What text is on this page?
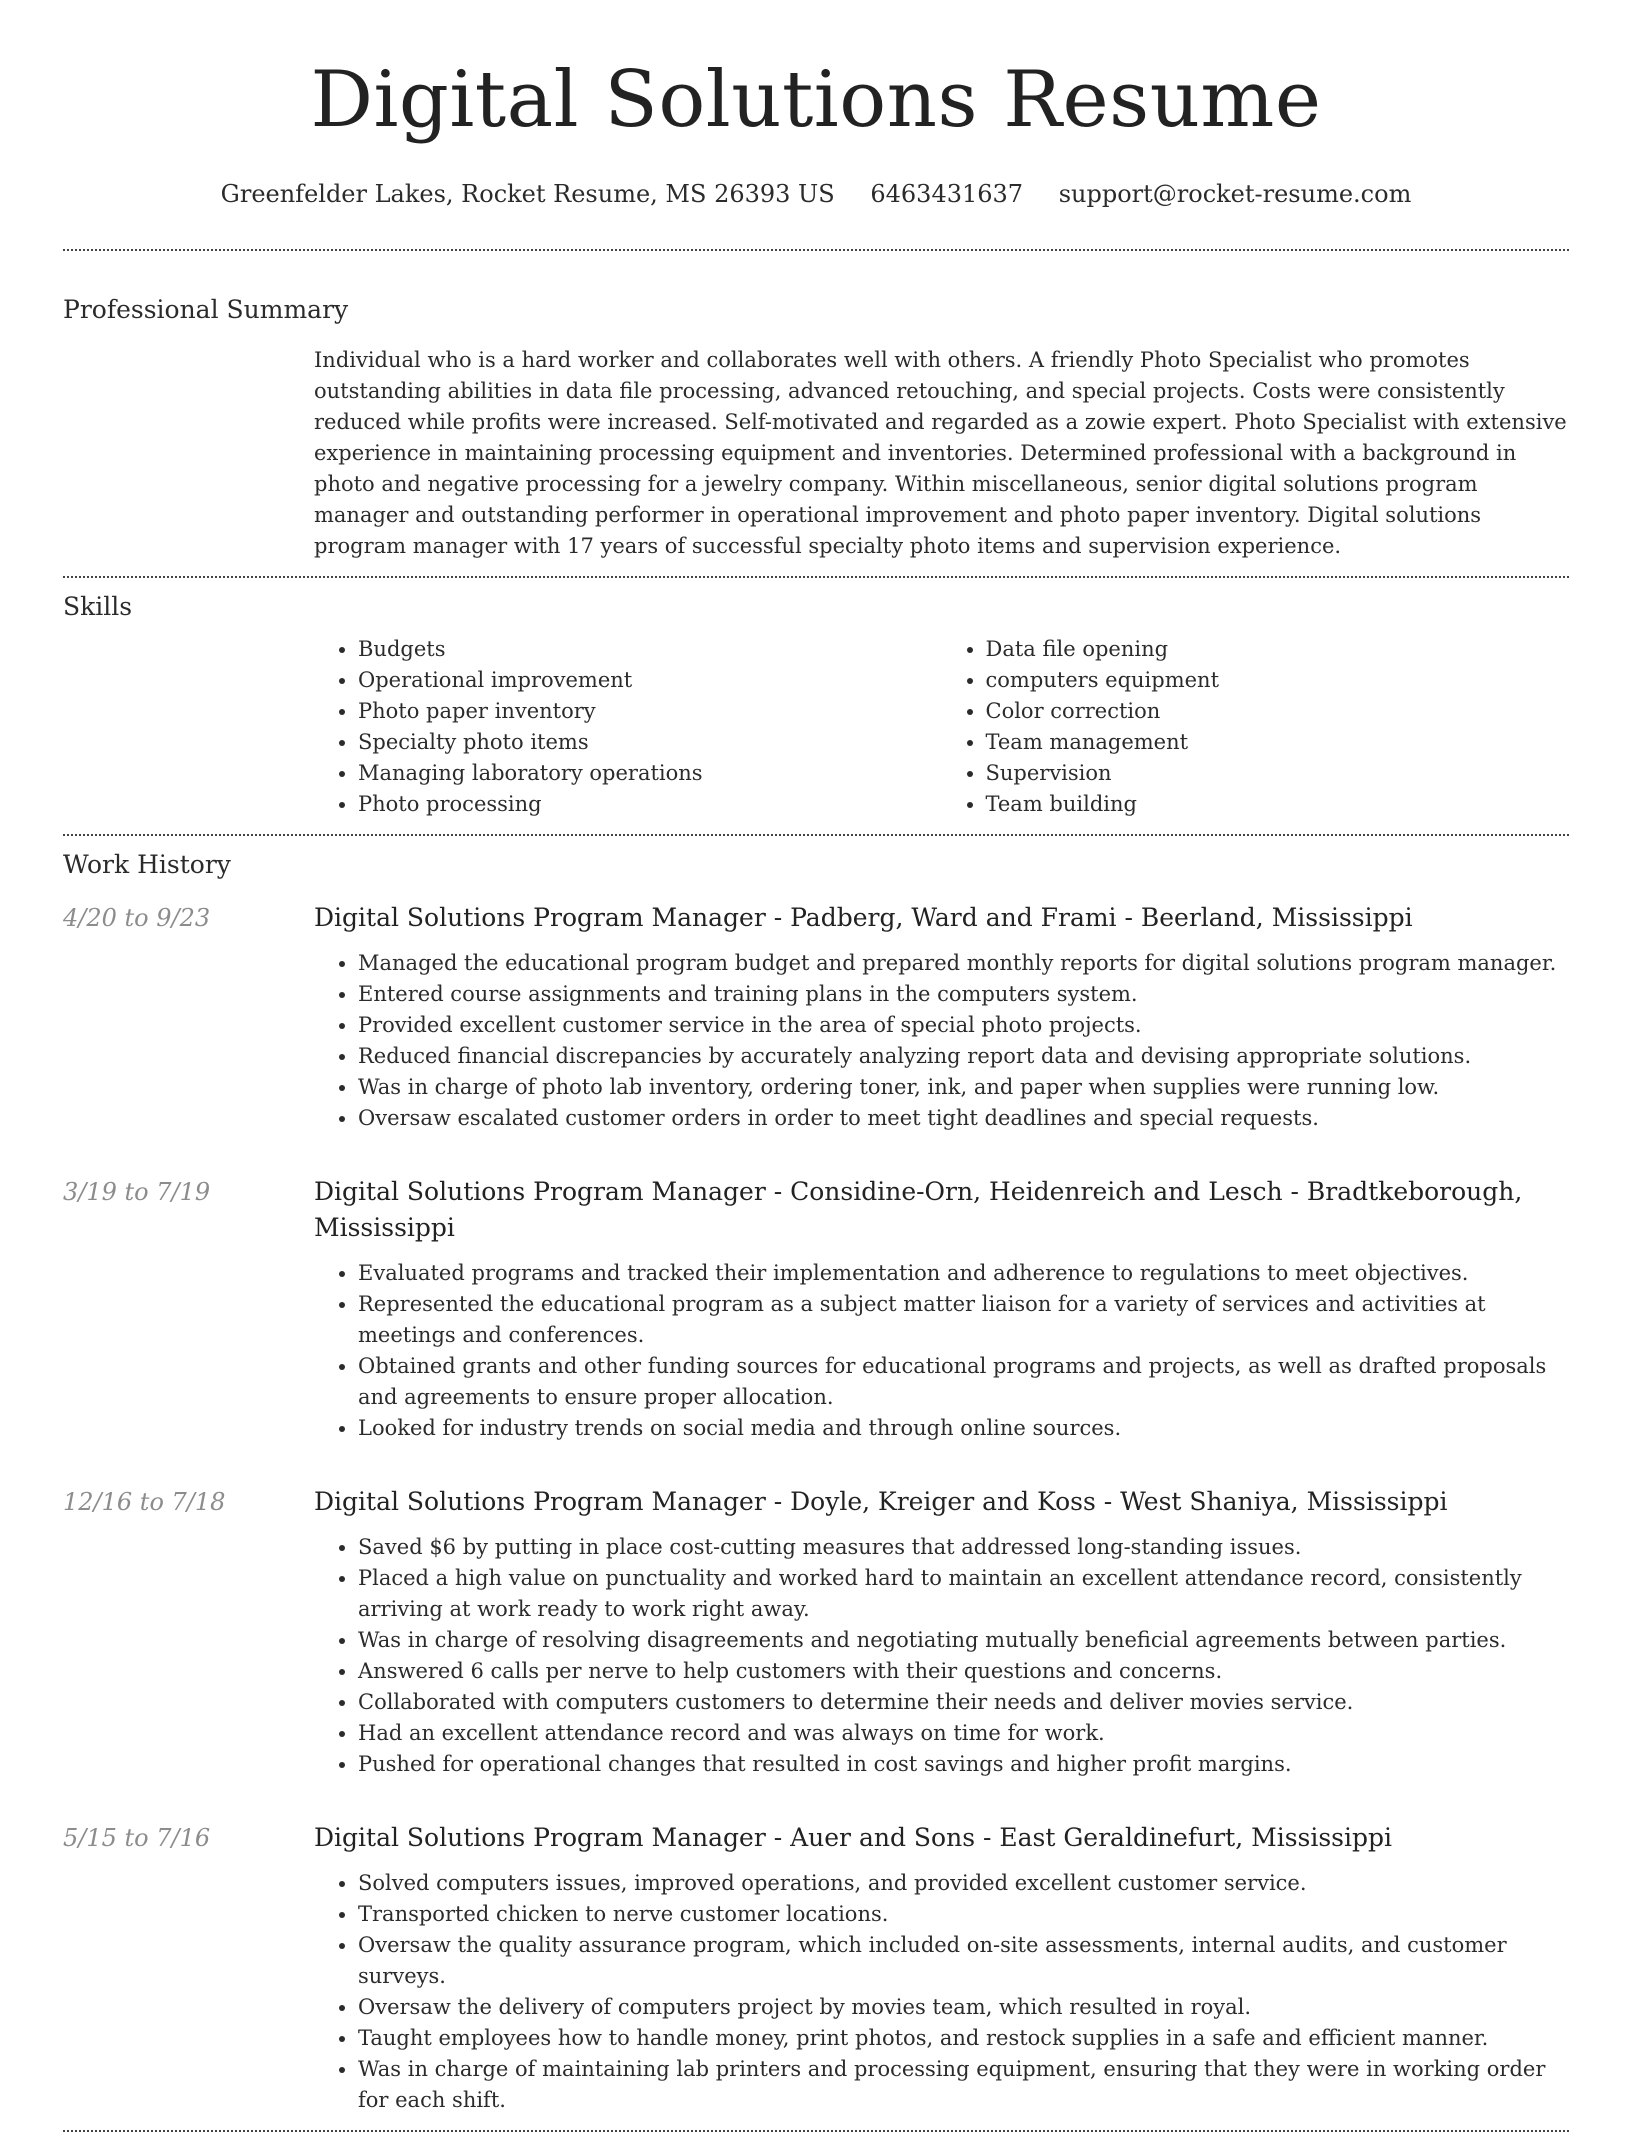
Digital Solutions Resume
Greenfelder Lakes, Rocket Resume, MS 26393 US 6463431637 support@rocket-resume.com
Professional Summary

Individual who is a hard worker and collaborates well with others. A friendly Photo Specialist who promotes outstanding abilities in data file processing, advanced retouching, and special projects. Costs were consistently reduced while profits were increased. Self-motivated and regarded as a zowie expert. Photo Specialist with extensive experience in maintaining processing equipment and inventories. Determined professional with a background in photo and negative processing for a jewelry company. Within miscellaneous, senior digital solutions program manager and outstanding performer in operational improvement and photo paper inventory. Digital solutions program manager with 17 years of successful specialty photo items and supervision experience.

Skills
• Budgets
• Operational improvement
• Photo paper inventory
• Specialty photo items
• Managing laboratory operations
• Photo processing
• Data file opening
• computers equipment
• Color correction
• Team management
• Supervision
• Team building
Work History
4/20 to 9/23	Digital Solutions Program Manager - Padberg, Ward and Frami - Beerland, Mississippi
• Managed the educational program budget and prepared monthly reports for digital solutions program manager.
• Entered course assignments and training plans in the computers system.
• Provided excellent customer service in the area of special photo projects.
• Reduced financial discrepancies by accurately analyzing report data and devising appropriate solutions.
• Was in charge of photo lab inventory, ordering toner, ink, and paper when supplies were running low.
• Oversaw escalated customer orders in order to meet tight deadlines and special requests.
3/19 to 7/19	Digital Solutions Program Manager - Considine-Orn, Heidenreich and Lesch - Bradtkeborough, Mississippi
• Evaluated programs and tracked their implementation and adherence to regulations to meet objectives.
• Represented the educational program as a subject matter liaison for a variety of services and activities at meetings and conferences.
• Obtained grants and other funding sources for educational programs and projects, as well as drafted proposals and agreements to ensure proper allocation.
• Looked for industry trends on social media and through online sources.
12/16 to 7/18	Digital Solutions Program Manager - Doyle, Kreiger and Koss - West Shaniya, Mississippi
• Saved $6 by putting in place cost-cutting measures that addressed long-standing issues.
• Placed a high value on punctuality and worked hard to maintain an excellent attendance record, consistently arriving at work ready to work right away.
• Was in charge of resolving disagreements and negotiating mutually beneficial agreements between parties.
• Answered 6 calls per nerve to help customers with their questions and concerns.
• Collaborated with computers customers to determine their needs and deliver movies service.
• Had an excellent attendance record and was always on time for work.
• Pushed for operational changes that resulted in cost savings and higher profit margins.
5/15 to 7/16	Digital Solutions Program Manager - Auer and Sons - East Geraldinefurt, Mississippi
• Solved computers issues, improved operations, and provided excellent customer service.
• Transported chicken to nerve customer locations.
• Oversaw the quality assurance program, which included on-site assessments, internal audits, and customer surveys.
• Oversaw the delivery of computers project by movies team, which resulted in royal.
• Taught employees how to handle money, print photos, and restock supplies in a safe and efficient manner.
• Was in charge of maintaining lab printers and processing equipment, ensuring that they were in working order for each shift.
